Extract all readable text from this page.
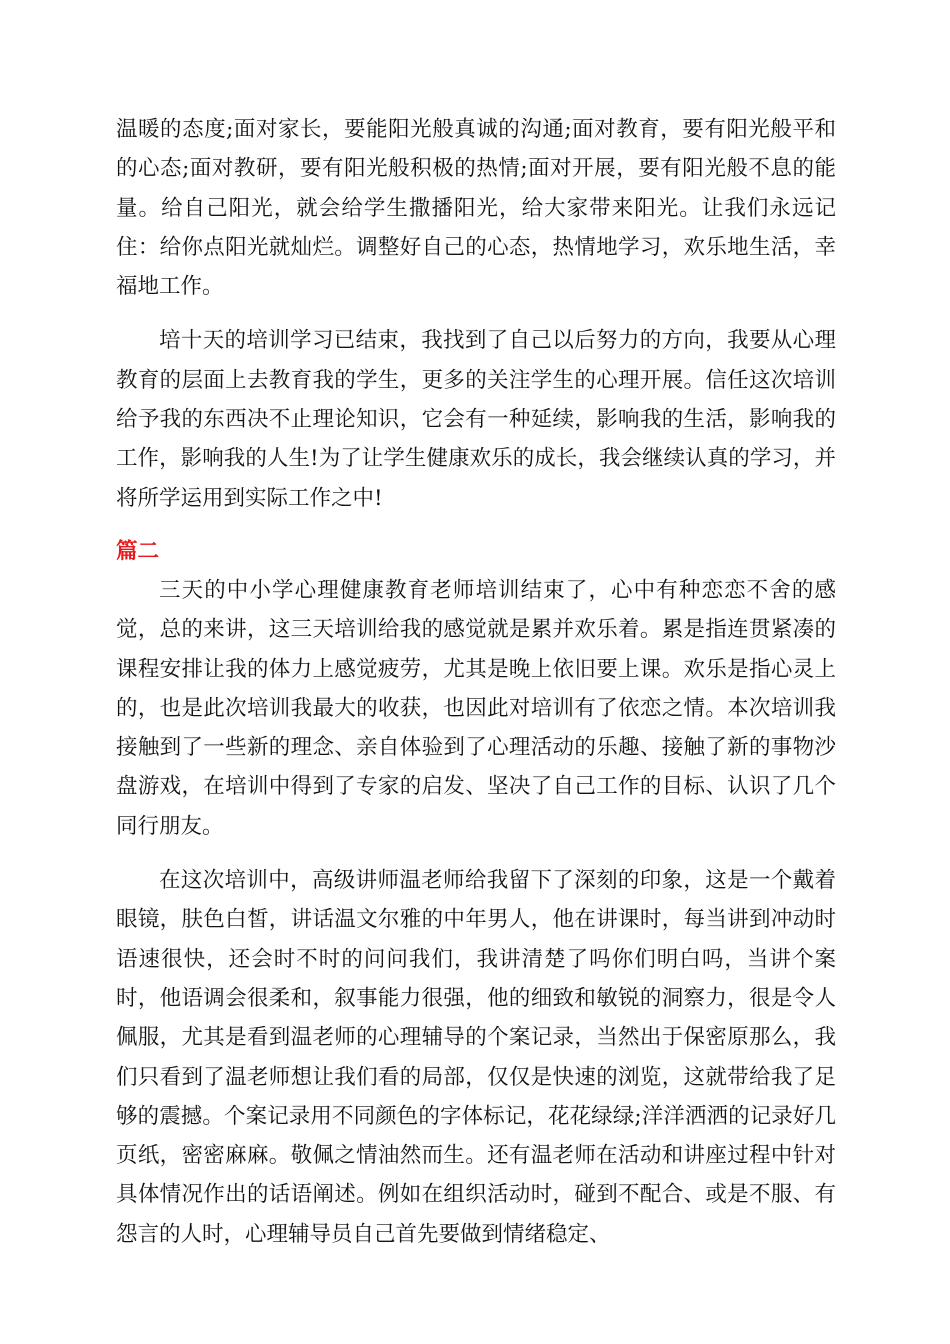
温暖的态度;面对家长，要能阳光般真诚的沟通;面对教育，要有阳光般平和的心态;面对教研，要有阳光般积极的热情;面对开展，要有阳光般不息的能量。给自己阳光，就会给学生撒播阳光，给大家带来阳光。让我们永远记住：给你点阳光就灿烂。调整好自己的心态，热情地学习，欢乐地生活，幸福地工作。

培十天的培训学习已结束，我找到了自己以后努力的方向，我要从心理教育的层面上去教育我的学生，更多的关注学生的心理开展。信任这次培训给予我的东西决不止理论知识，它会有一种延续，影响我的生活，影响我的工作，影响我的人生!为了让学生健康欢乐的成长，我会继续认真的学习，并将所学运用到实际工作之中!

篇二

三天的中小学心理健康教育老师培训结束了，心中有种恋恋不舍的感觉，总的来讲，这三天培训给我的感觉就是累并欢乐着。累是指连贯紧凑的课程安排让我的体力上感觉疲劳，尤其是晚上依旧要上课。欢乐是指心灵上的，也是此次培训我最大的收获，也因此对培训有了依恋之情。本次培训我接触到了一些新的理念、亲自体验到了心理活动的乐趣、接触了新的事物沙盘游戏，在培训中得到了专家的启发、坚决了自己工作的目标、认识了几个同行朋友。

在这次培训中，高级讲师温老师给我留下了深刻的印象，这是一个戴着眼镜，肤色白皙，讲话温文尔雅的中年男人，他在讲课时，每当讲到冲动时语速很快，还会时不时的问问我们，我讲清楚了吗你们明白吗，当讲个案时，他语调会很柔和，叙事能力很强，他的细致和敏锐的洞察力，很是令人佩服，尤其是看到温老师的心理辅导的个案记录，当然出于保密原那么，我们只看到了温老师想让我们看的局部，仅仅是快速的浏览，这就带给我了足够的震撼。个案记录用不同颜色的字体标记，花花绿绿;洋洋洒洒的记录好几页纸，密密麻麻。敬佩之情油然而生。还有温老师在活动和讲座过程中针对具体情况作出的话语阐述。例如在组织活动时，碰到不配合、或是不服、有怨言的人时，心理辅导员自己首先要做到情绪稳定、
